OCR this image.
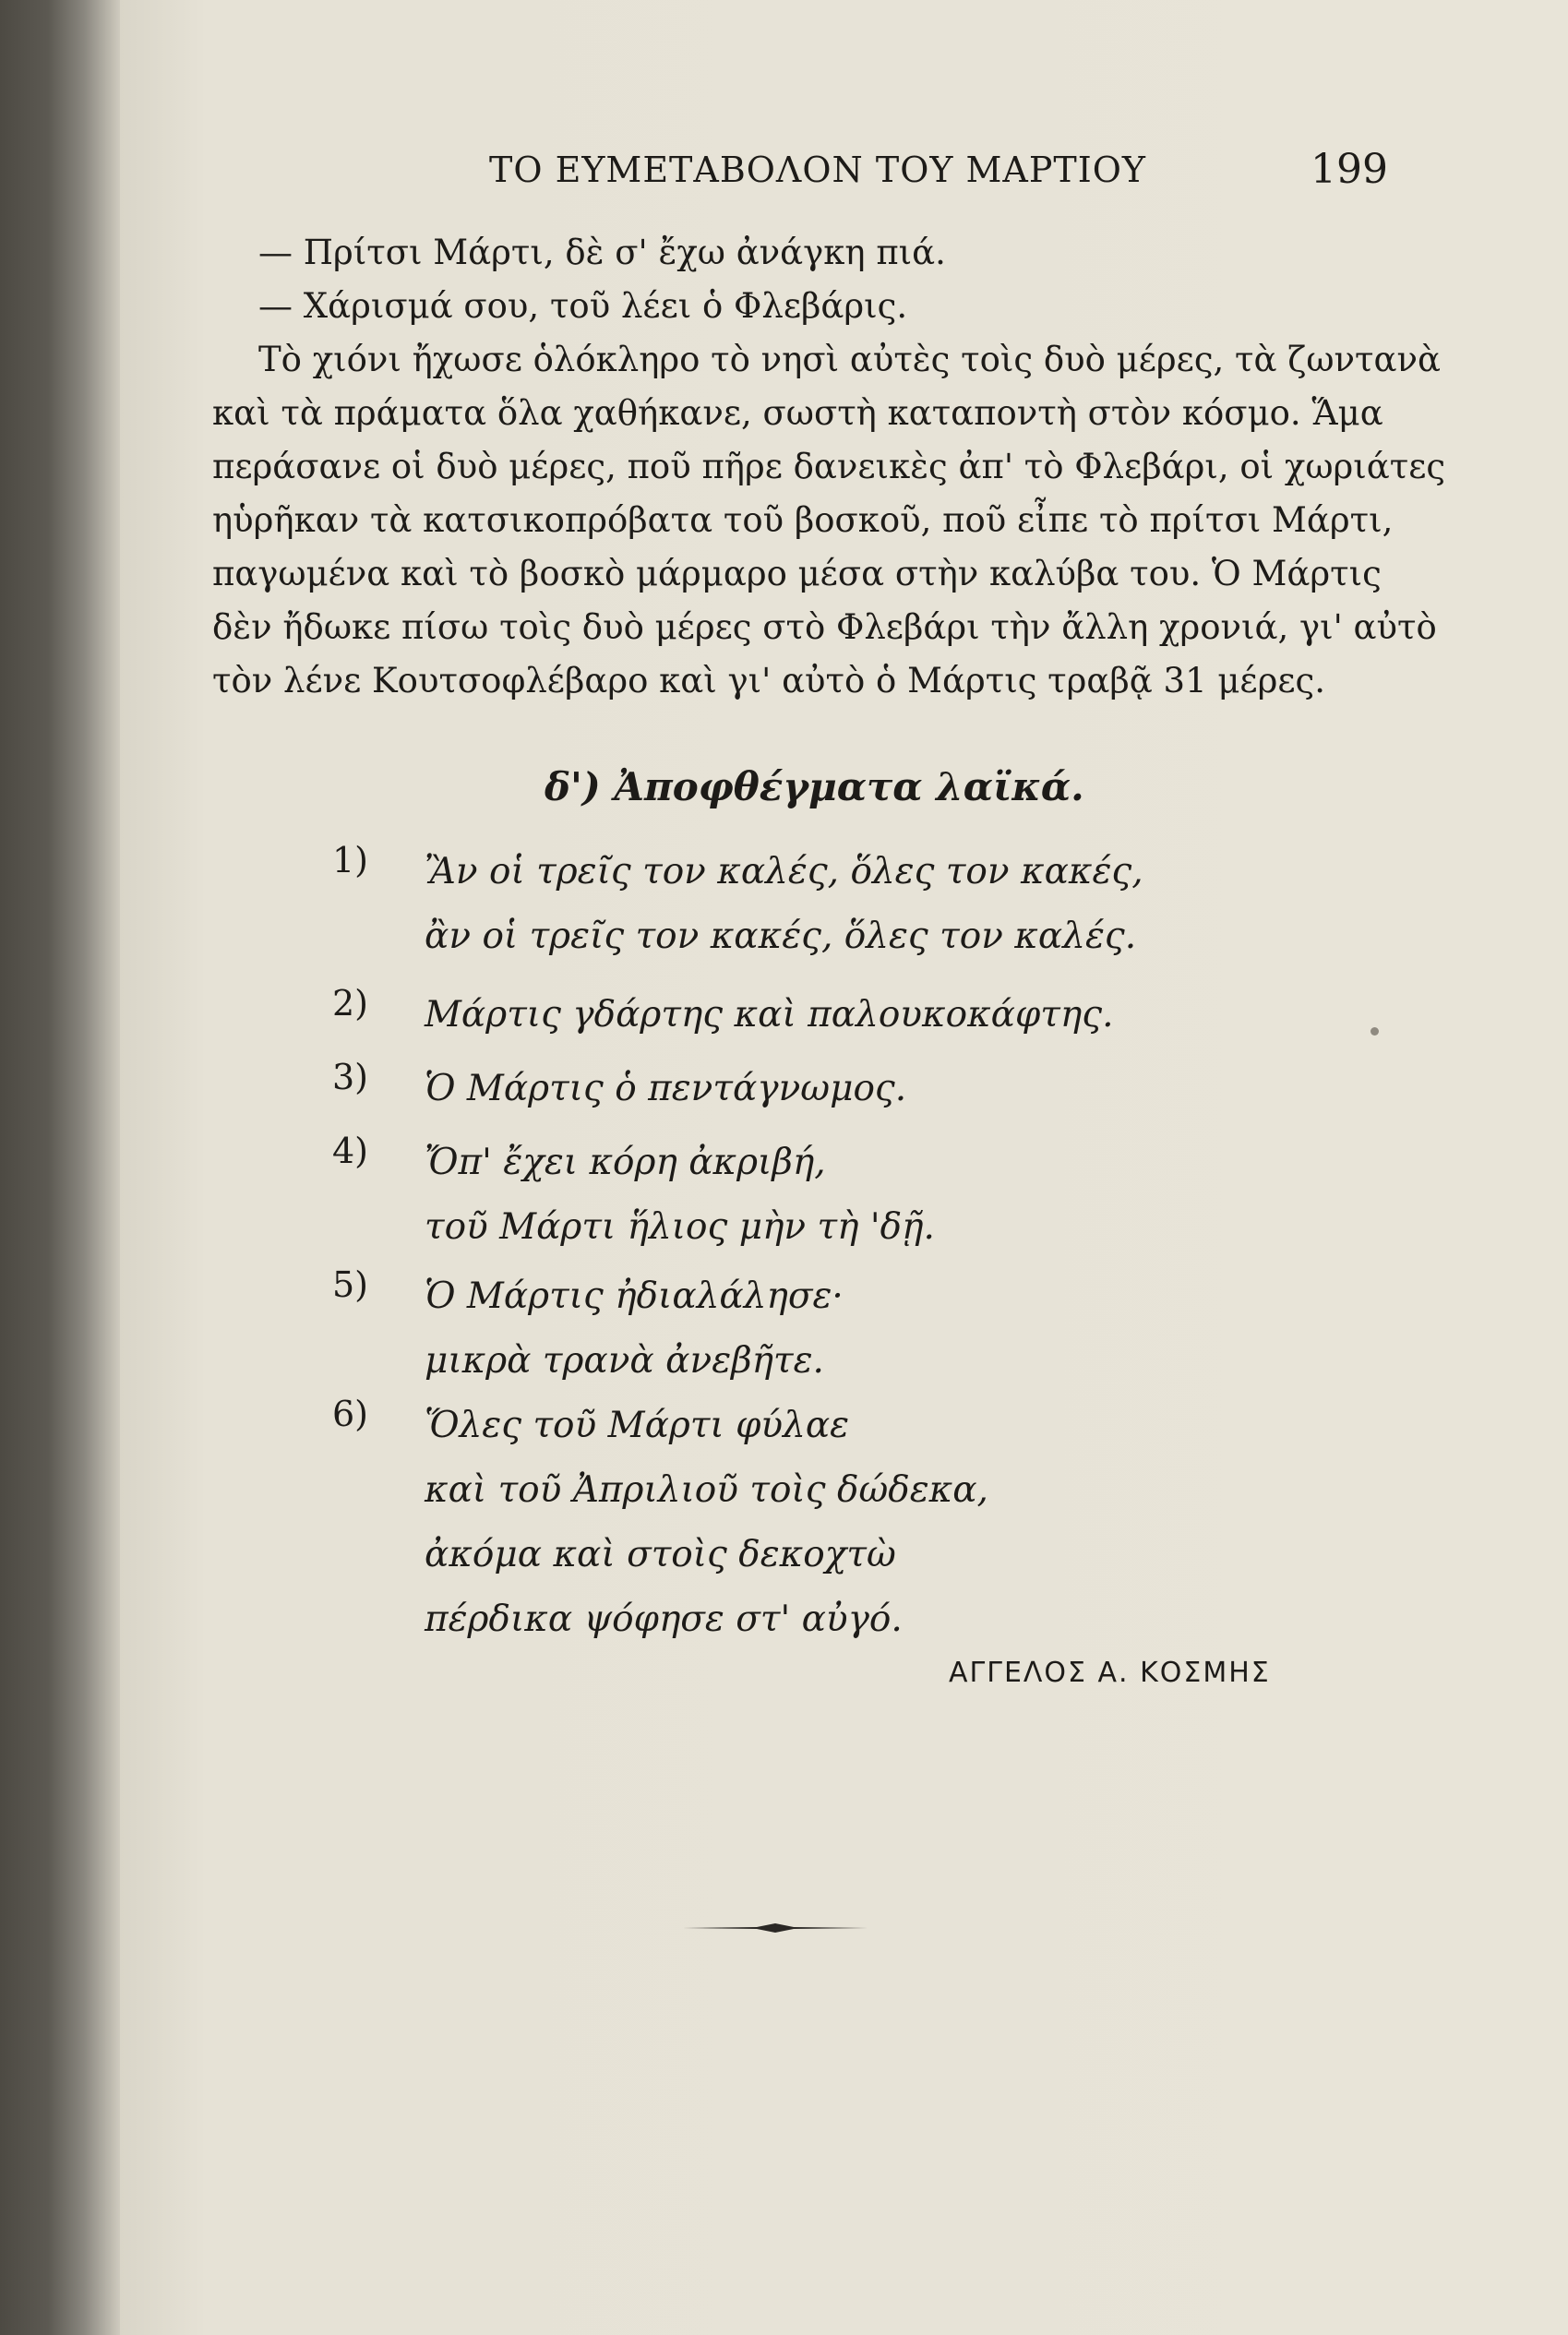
ΤΟ ΕΥΜΕΤΑΒΟΛΟΝ ΤΟΥ ΜΑΡΤΙΟΥ	199
— Πρίτσι Μάρτι, δὲ σ' ἔχω ἀνάγκη πιά.
— Χάρισμά σου, τοῦ λέει ὁ Φλεβάρις.
Τὸ χιόνι ἤχωσε ὁλόκληρο τὸ νησὶ αὐτὲς τοὶς δυὸ μέρες, τὰ ζωντανὰ
καὶ τὰ πράματα ὅλα χαθήκανε, σωστὴ καταποντὴ στὸν κόσμο. Ἅμα
περάσανε οἱ δυὸ μέρες, ποῦ πῆρε δανεικὲς ἀπ' τὸ Φλεβάρι, οἱ χωριάτες
ηὑρῆκαν τὰ κατσικοπρόβατα τοῦ βοσκοῦ, ποῦ εἶπε τὸ πρίτσι Μάρτι,
παγωμένα καὶ τὸ βοσκὸ μάρμαρο μέσα στὴν καλύβα του. Ὁ Μάρτις
δὲν ἤδωκε πίσω τοὶς δυὸ μέρες στὸ Φλεβάρι τὴν ἄλλη χρονιά, γι' αὐτὸ
τὸν λένε Κουτσοφλέβαρο καὶ γι' αὐτὸ ὁ Μάρτις τραβᾷ 31 μέρες.
δ') Ἀποφθέγματα λαϊκά.
1) Ἂν οἱ τρεῖς τον καλές, ὅλες τον κακές,
ἂν οἱ τρεῖς τον κακές, ὅλες τον καλές.
2) Μάρτις γδάρτης καὶ παλουκοκάφτης.
3) Ὁ Μάρτις ὁ πεντάγνωμος.
4) Ὄπ' ἔχει κόρη ἀκριβή,
τοῦ Μάρτι ἥλιος μὴν τὴ 'δῇ.
5) Ὁ Μάρτις ἠδιαλάλησε·
μικρὰ τρανὰ ἀνεβῆτε.
6) Ὅλες τοῦ Μάρτι φύλαε
καὶ τοῦ Ἀπριλιοῦ τοὶς δώδεκα,
ἀκόμα καὶ στοὶς δεκοχτὼ
πέρδικα ψόφησε στ' αὐγό.
ΑΓΓΕΛΟΣ Α. ΚΟΣΜΗΣ
